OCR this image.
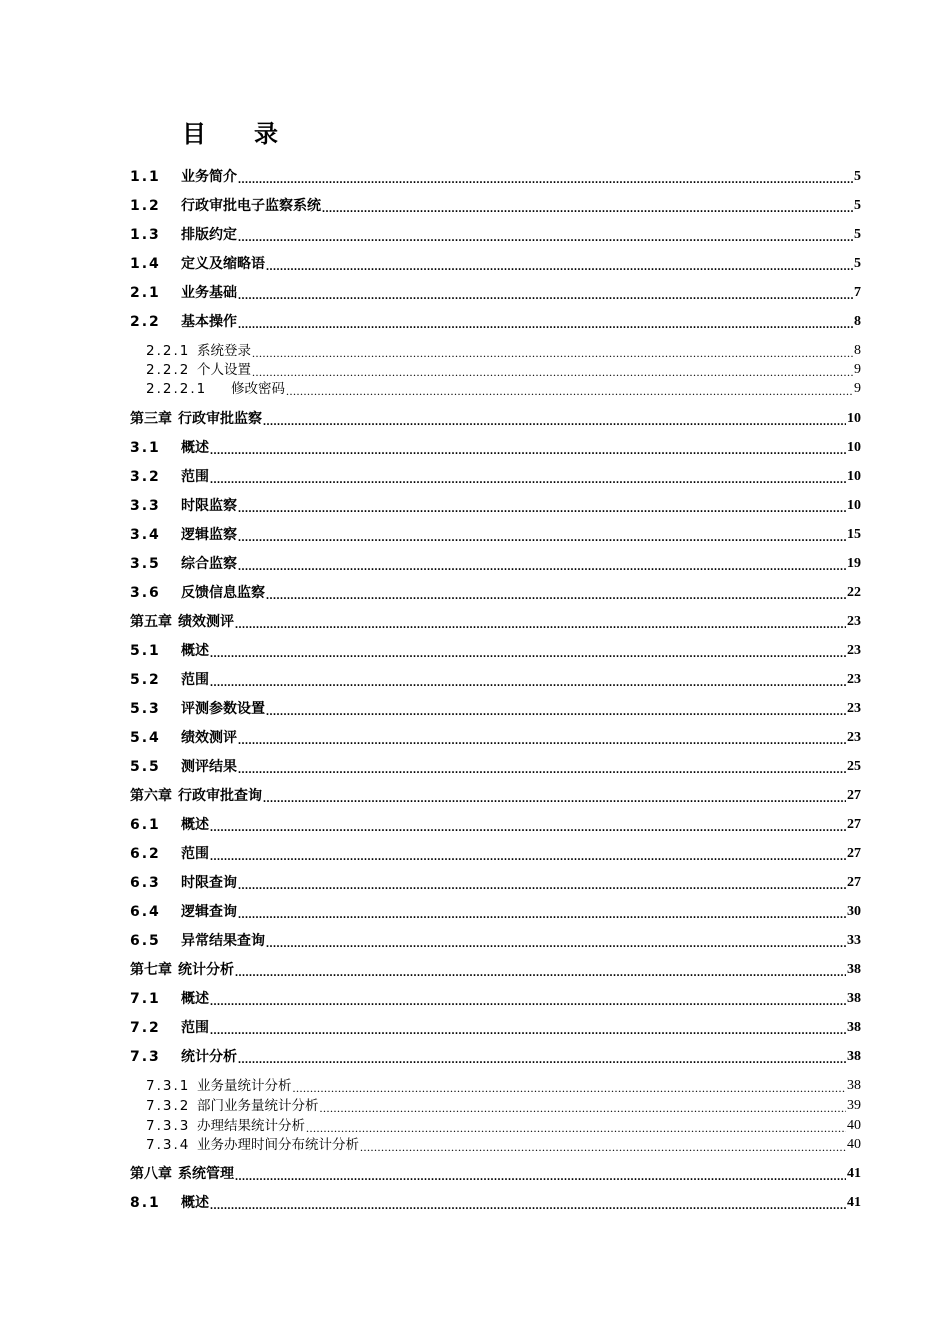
目　　录
1.1	业务简介 .....	5
1.2	行政审批电子监察系统 .....	5
1.3	排版约定 .....	5
1.4	定义及缩略语 .....	5
2.1	业务基础 .....	7
2.2	基本操作 .....	8
2.2.1 系统登录 .....	8
2.2.2 个人设置 .....	9
2.2.2.1	修改密码 .....	9
第三章 行政审批监察 .....	10
3.1	概述 .....	10
3.2	范围 .....	10
3.3	时限监察 .....	10
3.4	逻辑监察 .....	15
3.5	综合监察 .....	19
3.6	反馈信息监察 .....	22
第五章 绩效测评 .....	23
5.1	概述 .....	23
5.2	范围 .....	23
5.3	评测参数设置 .....	23
5.4	绩效测评 .....	23
5.5	测评结果 .....	25
第六章 行政审批查询 .....	27
6.1	概述 .....	27
6.2	范围 .....	27
6.3	时限查询 .....	27
6.4	逻辑查询 .....	30
6.5	异常结果查询 .....	33
第七章 统计分析 .....	38
7.1	概述 .....	38
7.2	范围 .....	38
7.3	统计分析 .....	38
7.3.1 业务量统计分析 .....	38
7.3.2 部门业务量统计分析 .....	39
7.3.3 办理结果统计分析 .....	40
7.3.4 业务办理时间分布统计分析 .....	40
第八章 系统管理 .....	41
8.1	概述 .....	41
